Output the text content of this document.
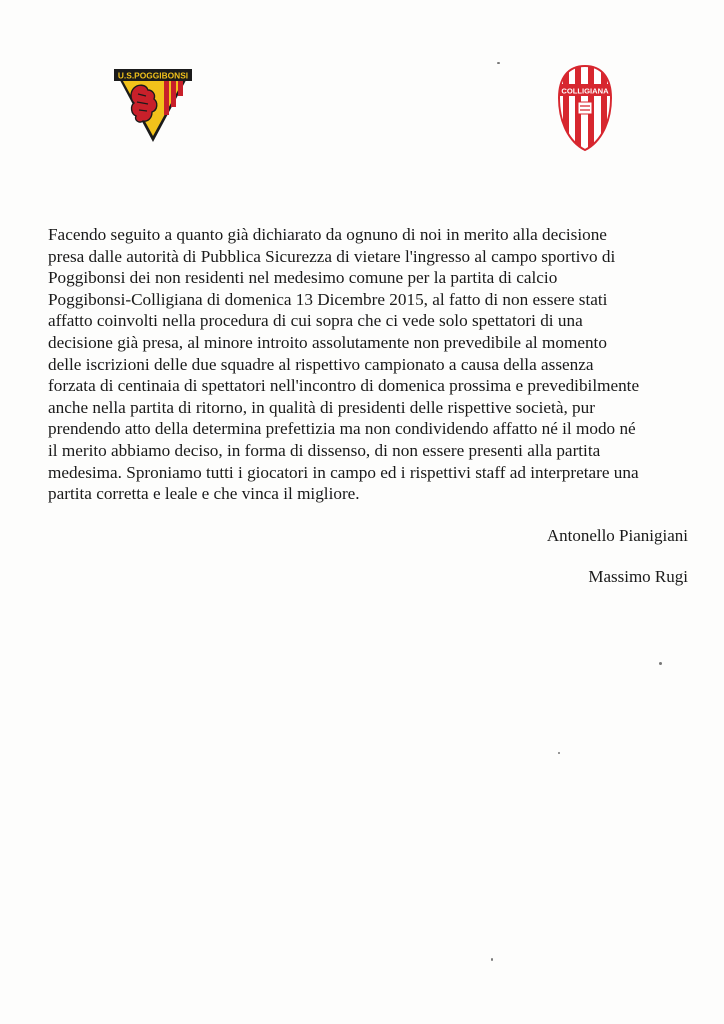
U.S.POGGIBONSI
COLLIGIANA

Facendo seguito a quanto già dichiarato da ognuno di noi in merito alla decisione
presa dalle autorità di Pubblica Sicurezza di vietare l'ingresso al campo sportivo di
Poggibonsi dei non residenti nel medesimo comune per la partita di calcio
Poggibonsi-Colligiana di domenica 13 Dicembre 2015, al fatto di non essere stati
affatto coinvolti nella procedura di cui sopra che ci vede solo spettatori di una
decisione già presa, al minore introito assolutamente non prevedibile al momento
delle iscrizioni delle due squadre al rispettivo campionato a causa della assenza
forzata di centinaia di spettatori nell'incontro di domenica prossima e prevedibilmente
anche nella partita di ritorno, in qualità di presidenti delle rispettive società, pur
prendendo atto della determina prefettizia ma non condividendo affatto né il modo né
il merito abbiamo deciso, in forma di dissenso, di non essere presenti alla partita
medesima. Sproniamo tutti i giocatori in campo ed i rispettivi staff ad interpretare una
partita corretta e leale e che vinca il migliore.

Antonello Pianigiani
Massimo Rugi
